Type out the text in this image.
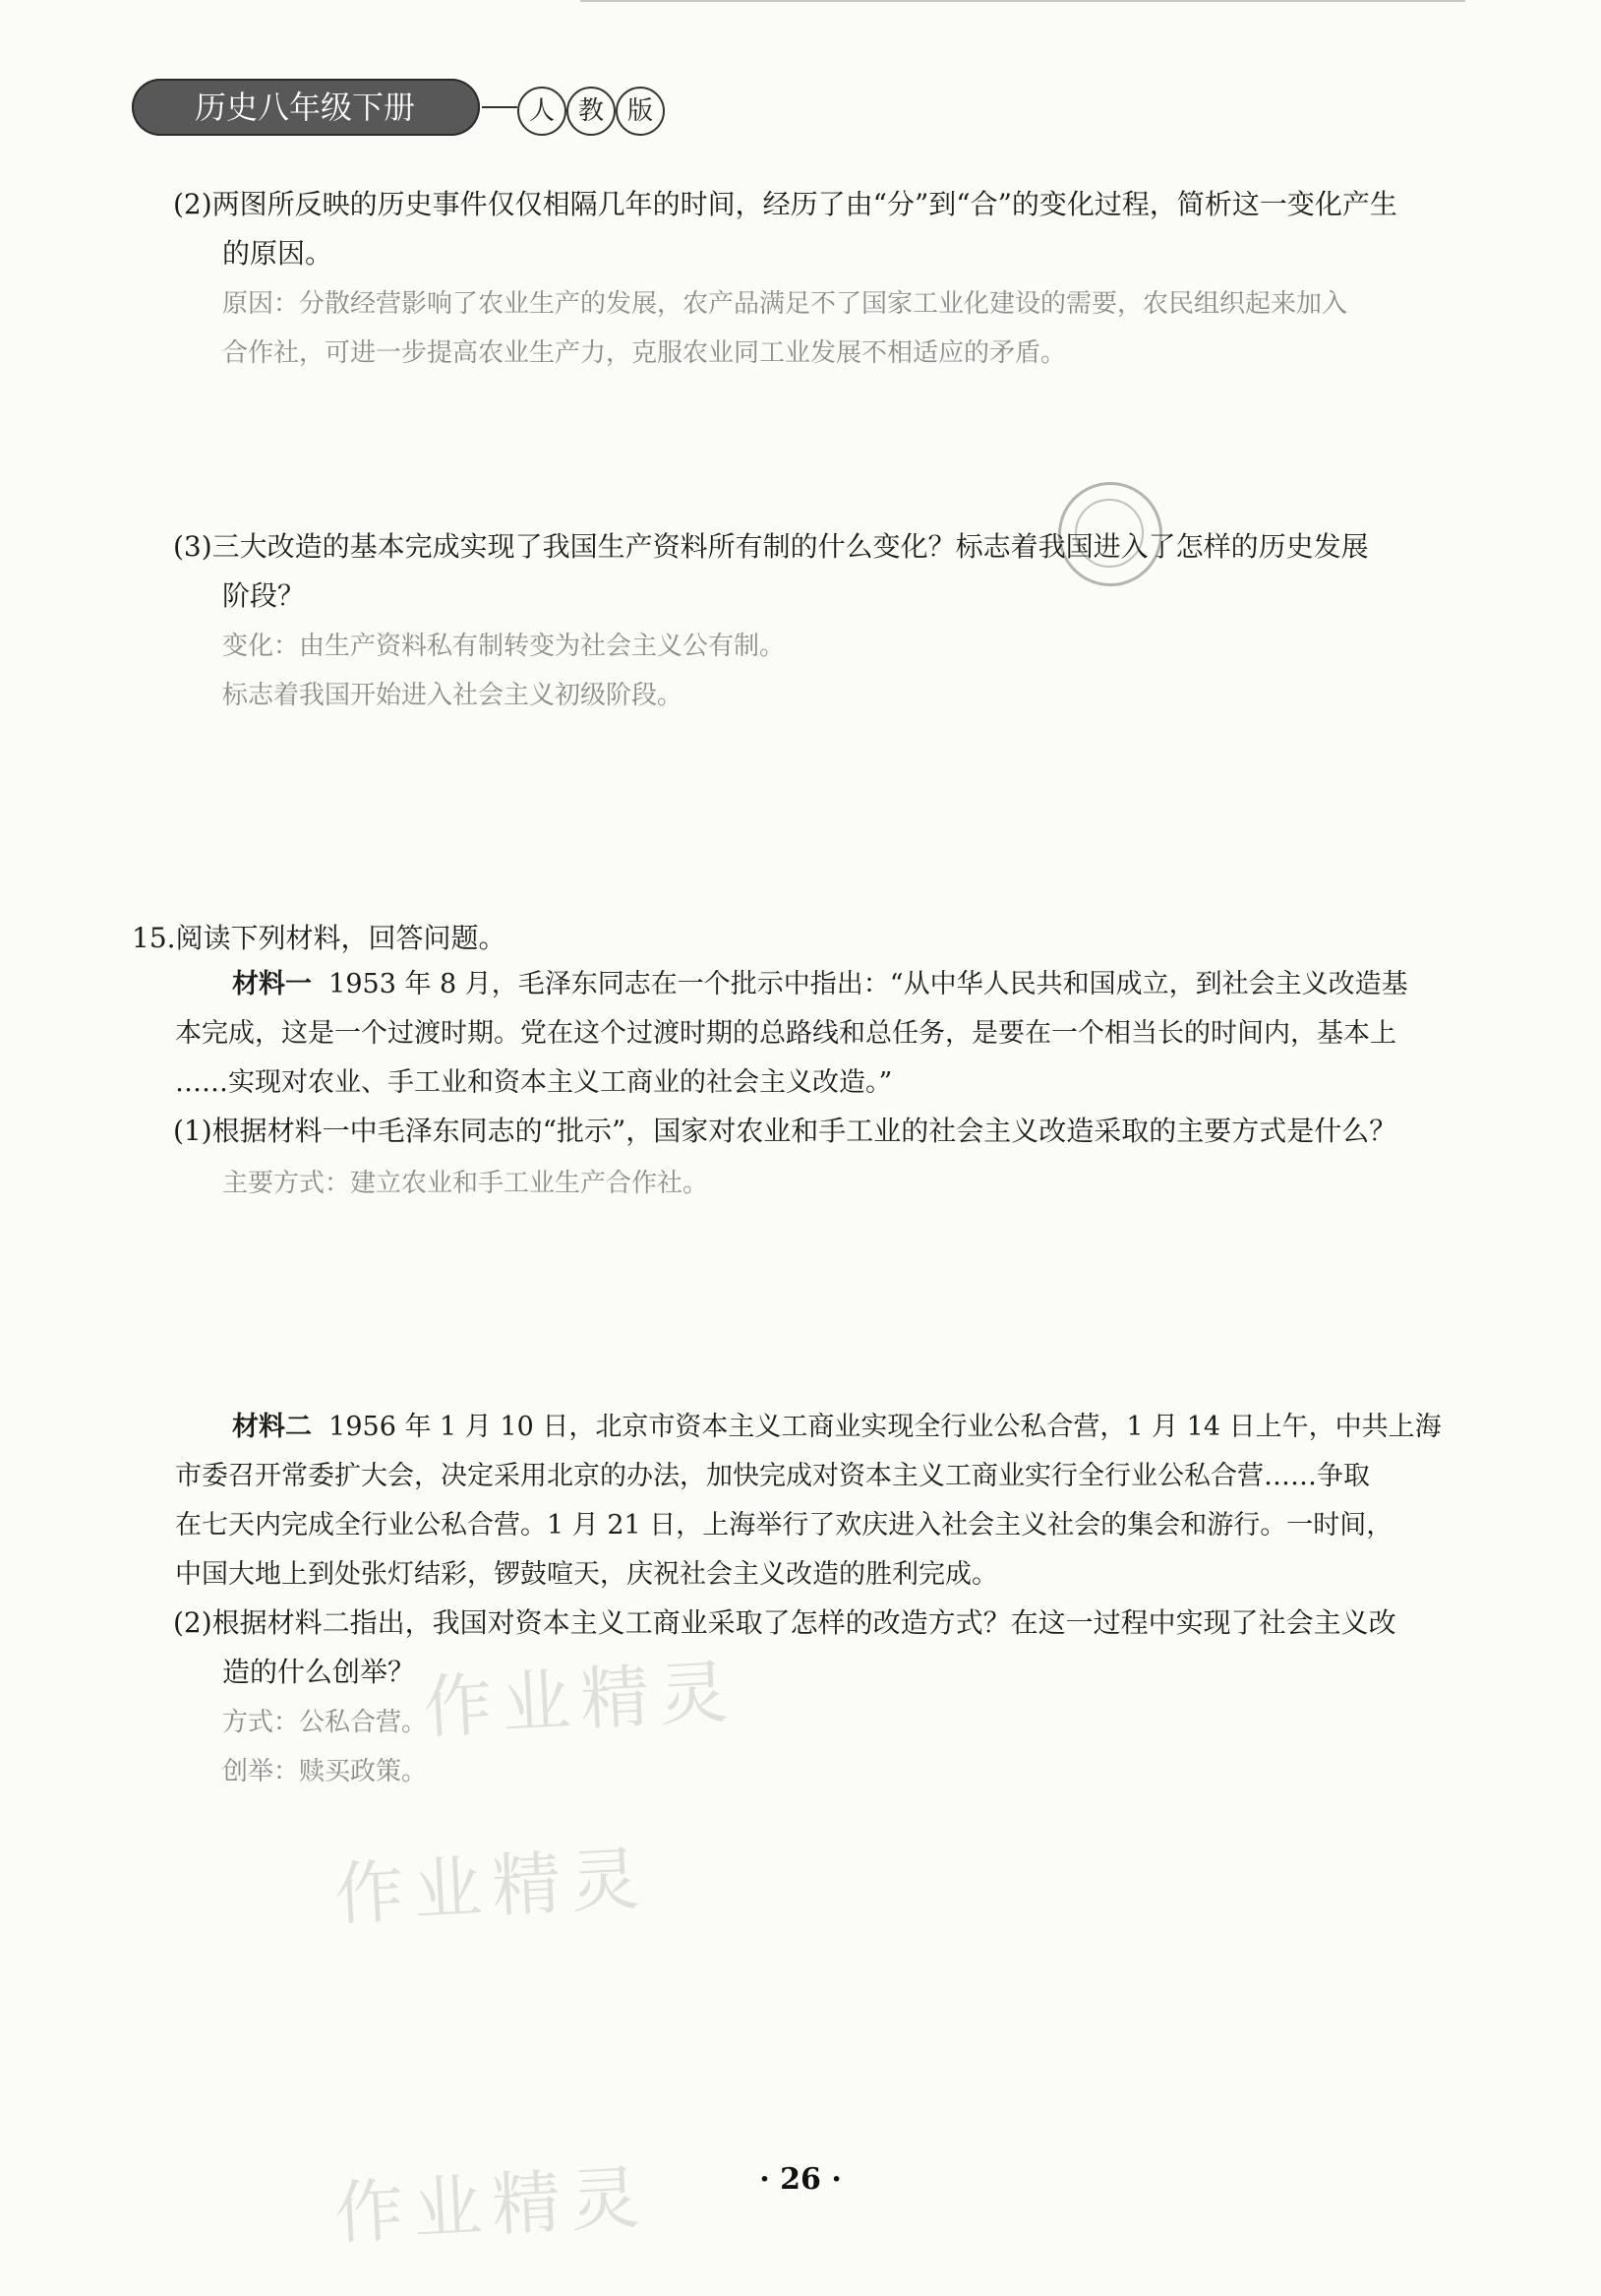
历史八年级下册	人 教 版
(2)两图所反映的历史事件仅仅相隔几年的时间，经历了由“分”到“合”的变化过程，简析这一变化产生
的原因。
原因：分散经营影响了农业生产的发展，农产品满足不了国家工业化建设的需要，农民组织起来加入
合作社，可进一步提高农业生产力，克服农业同工业发展不相适应的矛盾。
(3)三大改造的基本完成实现了我国生产资料所有制的什么变化？标志着我国进入了怎样的历史发展
阶段？
变化：由生产资料私有制转变为社会主义公有制。
标志着我国开始进入社会主义初级阶段。
15.阅读下列材料，回答问题。
材料一 1953 年 8 月，毛泽东同志在一个批示中指出：“从中华人民共和国成立，到社会主义改造基
本完成，这是一个过渡时期。党在这个过渡时期的总路线和总任务，是要在一个相当长的时间内，基本上
……实现对农业、手工业和资本主义工商业的社会主义改造。”
(1)根据材料一中毛泽东同志的“批示”，国家对农业和手工业的社会主义改造采取的主要方式是什么？
主要方式：建立农业和手工业生产合作社。
材料二 1956 年 1 月 10 日，北京市资本主义工商业实现全行业公私合营，1 月 14 日上午，中共上海
市委召开常委扩大会，决定采用北京的办法，加快完成对资本主义工商业实行全行业公私合营……争取
在七天内完成全行业公私合营。1 月 21 日，上海举行了欢庆进入社会主义社会的集会和游行。一时间，
中国大地上到处张灯结彩，锣鼓喧天，庆祝社会主义改造的胜利完成。
(2)根据材料二指出，我国对资本主义工商业采取了怎样的改造方式？在这一过程中实现了社会主义改
造的什么创举？
方式：公私合营。
创举：赎买政策。
作业精灵
作业精灵
作业精灵	· 26 ·
